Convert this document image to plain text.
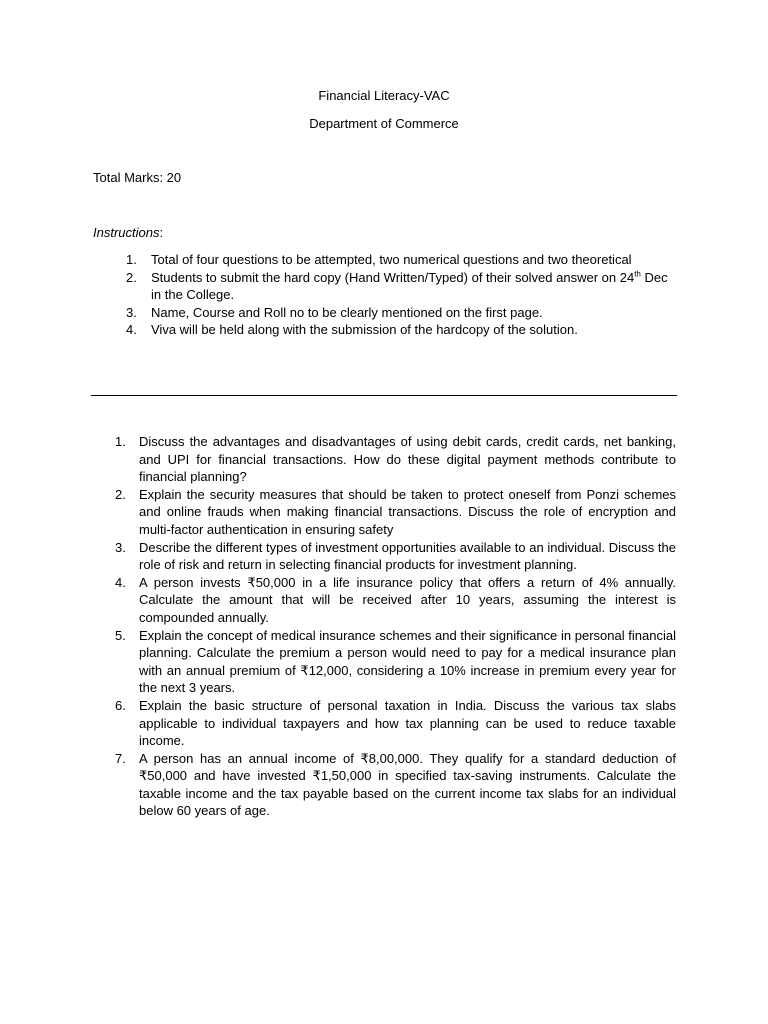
Financial Literacy-VAC
Department of Commerce
Total Marks: 20
Instructions:
1. Total of four questions to be attempted, two numerical questions and two theoretical
2. Students to submit the hard copy (Hand Written/Typed) of their solved answer on 24th Dec in the College.
3. Name, Course and Roll no to be clearly mentioned on the first page.
4. Viva will be held along with the submission of the hardcopy of the solution.
1. Discuss the advantages and disadvantages of using debit cards, credit cards, net banking, and UPI for financial transactions. How do these digital payment methods contribute to financial planning?
2. Explain the security measures that should be taken to protect oneself from Ponzi schemes and online frauds when making financial transactions. Discuss the role of encryption and multi-factor authentication in ensuring safety
3. Describe the different types of investment opportunities available to an individual. Discuss the role of risk and return in selecting financial products for investment planning.
4. A person invests ₹50,000 in a life insurance policy that offers a return of 4% annually. Calculate the amount that will be received after 10 years, assuming the interest is compounded annually.
5. Explain the concept of medical insurance schemes and their significance in personal financial planning. Calculate the premium a person would need to pay for a medical insurance plan with an annual premium of ₹12,000, considering a 10% increase in premium every year for the next 3 years.
6. Explain the basic structure of personal taxation in India. Discuss the various tax slabs applicable to individual taxpayers and how tax planning can be used to reduce taxable income.
7. A person has an annual income of ₹8,00,000. They qualify for a standard deduction of ₹50,000 and have invested ₹1,50,000 in specified tax-saving instruments. Calculate the taxable income and the tax payable based on the current income tax slabs for an individual below 60 years of age.
